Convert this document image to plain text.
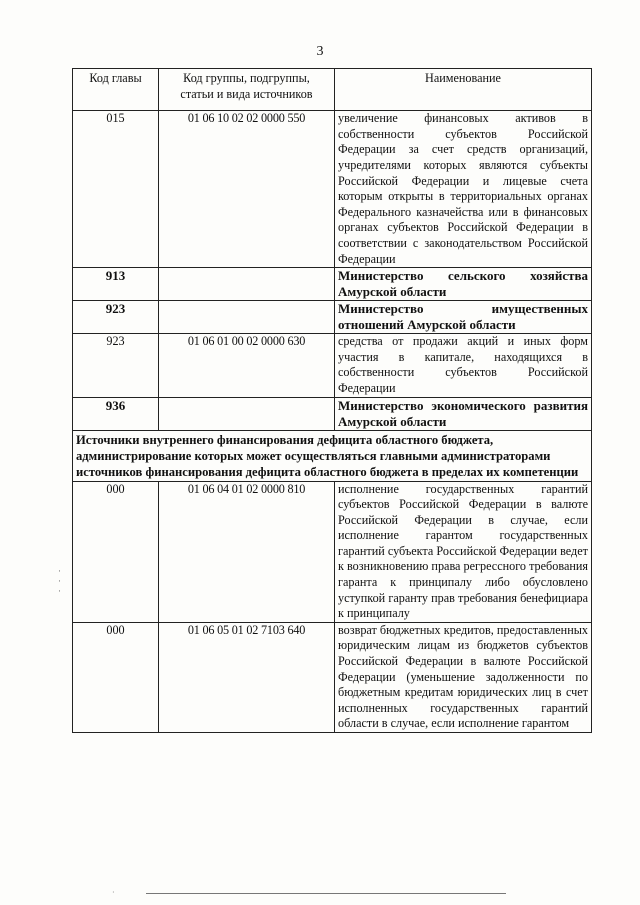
3
Код главы	Код группы, подгруппы, статьи и вида источников	Наименование
015	01 06 10 02 02 0000 550	увеличение финансовых активов в собственности субъектов Российской Федерации за счет средств организаций, учредителями которых являются субъекты Российской Федерации и лицевые счета которым открыты в территориальных органах Федерального казначейства или в финансовых органах субъектов Российской Федерации в соответствии с законодательством Российской Федерации
913		Министерство сельского хозяйства Амурской области
923		Министерство имущественных отношений Амурской области
923	01 06 01 00 02 0000 630	средства от продажи акций и иных форм участия в капитале, находящихся в собственности субъектов Российской Федерации
936		Министерство экономического развития Амурской области
Источники внутреннего финансирования дефицита областного бюджета, администрирование которых может осуществляться главными администраторами источников финансирования дефицита областного бюджета в пределах их компетенции		
000	01 06 04 01 02 0000 810	исполнение государственных гарантий субъектов Российской Федерации в валюте Российской Федерации в случае, если исполнение гарантом государственных гарантий субъекта Российской Федерации ведет к возникновению права регрессного требования гаранта к принципалу либо обусловлено уступкой гаранту прав требования бенефициара к принципалу
000	01 06 05 01 02 7103 640	возврат бюджетных кредитов, предоставленных юридическим лицам из бюджетов субъектов Российской Федерации в валюте Российской Федерации (уменьшение задолженности по бюджетным кредитам юридических лиц в счет исполненных государственных гарантий области в случае, если исполнение гарантом
·
·
·
·
